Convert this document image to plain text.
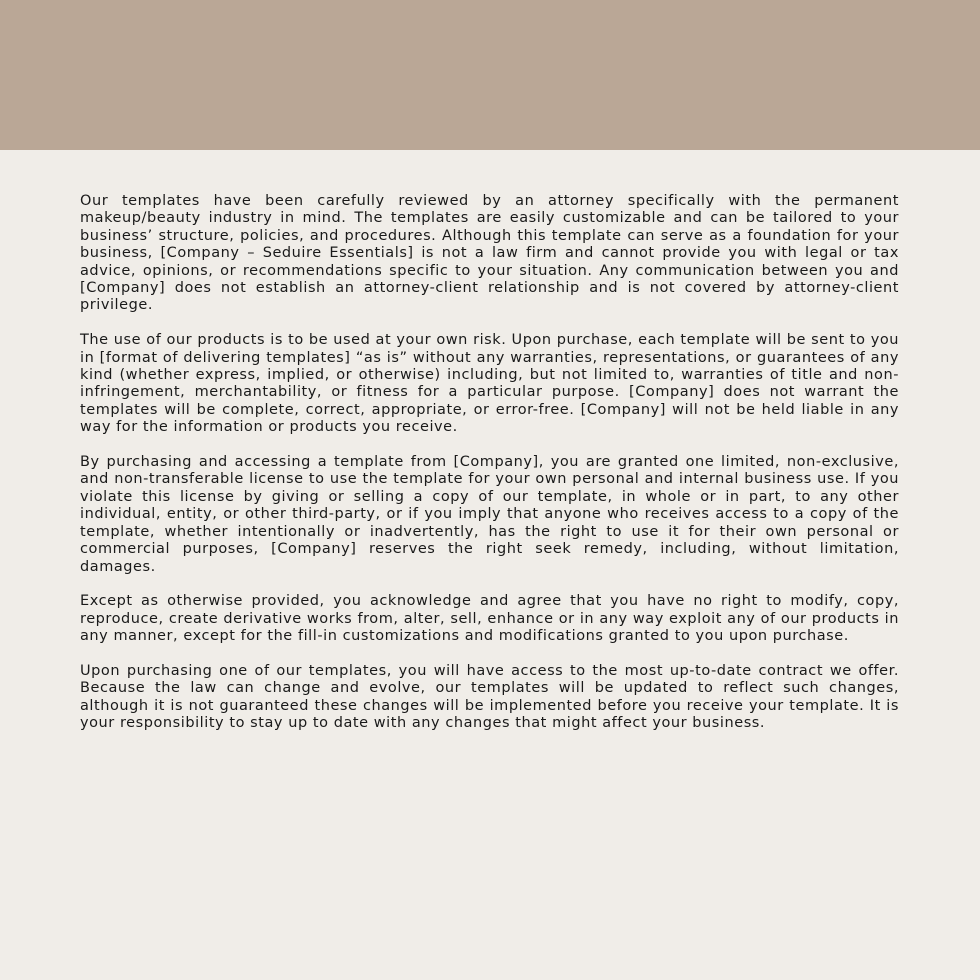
Our templates have been carefully reviewed by an attorney specifically with the permanent makeup/beauty industry in mind. The templates are easily customizable and can be tailored to your business’ structure, policies, and procedures. Although this template can serve as a foundation for your business, [Company – Seduire Essentials] is not a law firm and cannot provide you with legal or tax advice, opinions, or recommendations specific to your situation. Any communication between you and [Company] does not establish an attorney-client relationship and is not covered by attorney-client privilege.

The use of our products is to be used at your own risk. Upon purchase, each template will be sent to you in [format of delivering templates] “as is” without any warranties, representations, or guarantees of any kind (whether express, implied, or otherwise) including, but not limited to, warranties of title and non-infringement, merchantability, or fitness for a particular purpose. [Company] does not warrant the templates will be complete, correct, appropriate, or error-free. [Company] will not be held liable in any way for the information or products you receive.

By purchasing and accessing a template from [Company], you are granted one limited, non-exclusive, and non-transferable license to use the template for your own personal and internal business use. If you violate this license by giving or selling a copy of our template, in whole or in part, to any other individual, entity, or other third-party, or if you imply that anyone who receives access to a copy of the template, whether intentionally or inadvertently, has the right to use it for their own personal or commercial purposes, [Company] reserves the right seek remedy, including, without limitation, damages.

Except as otherwise provided, you acknowledge and agree that you have no right to modify, copy, reproduce, create derivative works from, alter, sell, enhance or in any way exploit any of our products in any manner, except for the fill-in customizations and modifications granted to you upon purchase.

Upon purchasing one of our templates, you will have access to the most up-to-date contract we offer. Because the law can change and evolve, our templates will be updated to reflect such changes, although it is not guaranteed these changes will be implemented before you receive your template. It is your responsibility to stay up to date with any changes that might affect your business.
